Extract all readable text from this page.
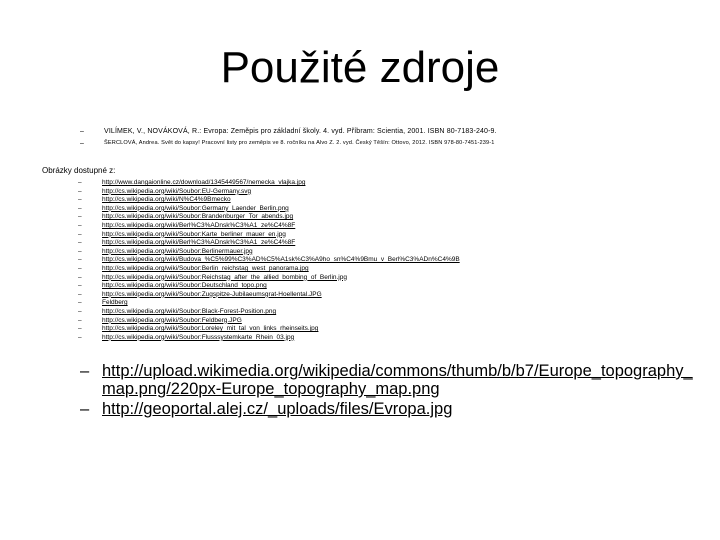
Použité zdroje
–	VILÍMEK, V., NOVÁKOVÁ, R.: Evropa: Zeměpis pro základní školy. 4. vyd. Příbram: Scientia, 2001. ISBN 80-7183-240-9.
–	ŠERCLOVÁ, Andrea. Svět do kapsy! Pracovní listy pro zeměpis ve 8. ročníku na Alvo Z. 2. vyd. Český Těšín: Ottovo, 2012. ISBN 978-80-7451-239-1
Obrázky dostupné z:
–	http://www.dangaionline.cz/download/1345449567/nemecka_vlajka.jpg
–	http://cs.wikipedia.org/wiki/Soubor:EU-Germany.svg
–	http://cs.wikipedia.org/wiki/N%C4%9Bmecko
–	http://cs.wikipedia.org/wiki/Soubor:Germany_Laender_Berlin.png
–	http://cs.wikipedia.org/wiki/Soubor:Brandenburger_Tor_abends.jpg
–	http://cs.wikipedia.org/wiki/Berl%C3%ADnsk%C3%A1_ze%C4%8F
–	http://cs.wikipedia.org/wiki/Soubor:Karte_berliner_mauer_en.jpg
–	http://cs.wikipedia.org/wiki/Berl%C3%ADnsk%C3%A1_ze%C4%8F
–	http://cs.wikipedia.org/wiki/Soubor:Berlinermauer.jpg
–	http://cs.wikipedia.org/wiki/Budova_%C5%99%C3%AD%C5%A1sk%C3%A9ho_sn%C4%9Bmu_v_Berl%C3%ADn%C4%9B
–	http://cs.wikipedia.org/wiki/Soubor:Berlin_reichstag_west_panorama.jpg
–	http://cs.wikipedia.org/wiki/Soubor:Reichstag_after_the_allied_bombing_of_Berlin.jpg
–	http://cs.wikipedia.org/wiki/Soubor:Deutschland_topo.png
–	http://cs.wikipedia.org/wiki/Soubor:Zugspitze-Jubilaeumsgrat-Hoellental.JPG
–	Feldberg
–	http://cs.wikipedia.org/wiki/Soubor:Black-Forest-Position.png
–	http://cs.wikipedia.org/wiki/Soubor:Feldberg.JPG
–	http://cs.wikipedia.org/wiki/Soubor:Loreley_mit_tal_von_links_rheinseits.jpg
–	http://cs.wikipedia.org/wiki/Soubor:Flusssystemkarte_Rhein_03.jpg
– http://upload.wikimedia.org/wikipedia/commons/thumb/b/b7/Europe_topography_map.png/220px-Europe_topography_map.png
– http://geoportal.alej.cz/_uploads/files/Evropa.jpg
